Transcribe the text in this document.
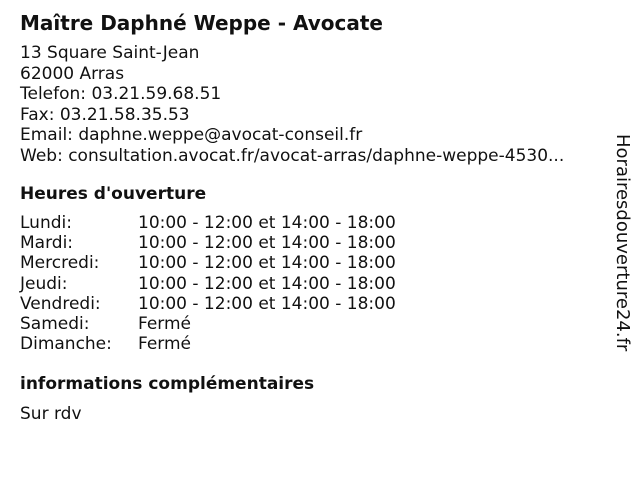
Maître Daphné Weppe - Avocate
13 Square Saint-Jean
62000 Arras
Telefon: 03.21.59.68.51
Fax: 03.21.58.35.53
Email: daphne.weppe@avocat-conseil.fr
Web: consultation.avocat.fr/avocat-arras/daphne-weppe-4530...
Heures d'ouverture
Lundi:	10:00 - 12:00 et 14:00 - 18:00
Mardi:	10:00 - 12:00 et 14:00 - 18:00
Mercredi:	10:00 - 12:00 et 14:00 - 18:00
Jeudi:	10:00 - 12:00 et 14:00 - 18:00
Vendredi:	10:00 - 12:00 et 14:00 - 18:00
Samedi:	Fermé
Dimanche:	Fermé
informations complémentaires
Sur rdv
Horairesdouverture24.fr
